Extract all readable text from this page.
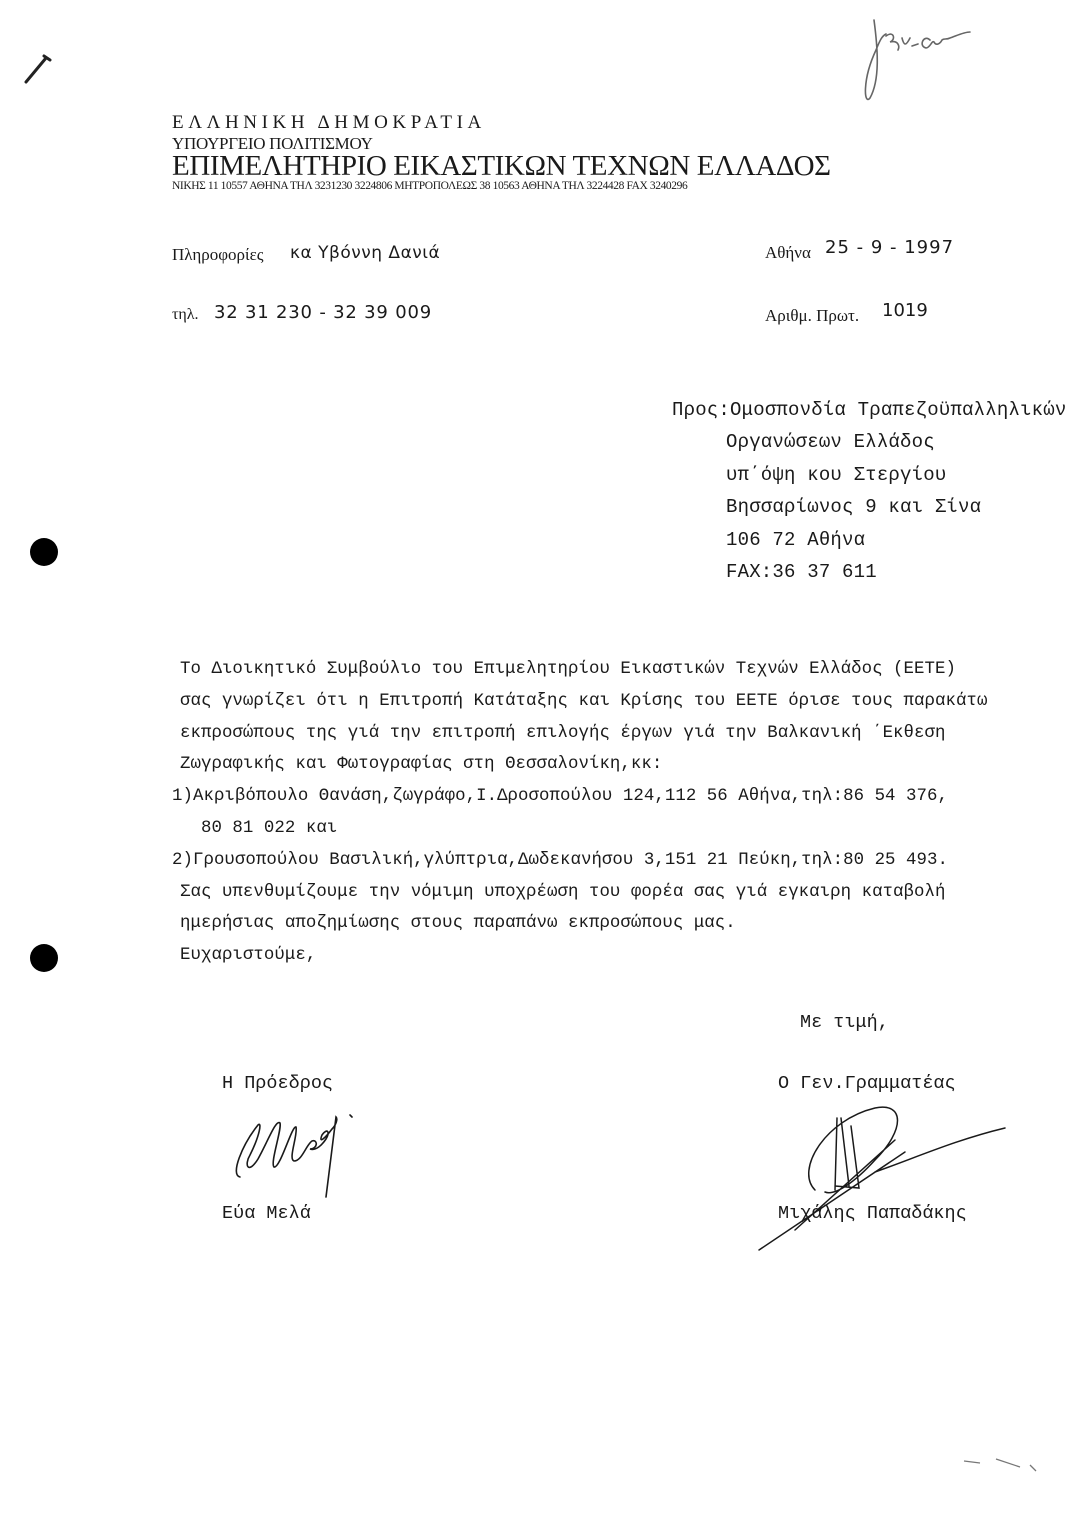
ΕΛΛΗΝΙΚΗ ΔΗΜΟΚΡΑΤΙΑ
ΥΠΟΥΡΓΕΙΟ ΠΟΛΙΤΙΣΜΟΥ
ΕΠΙΜΕΛΗΤΗΡΙΟ ΕΙΚΑΣΤΙΚΩΝ ΤΕΧΝΩΝ ΕΛΛΑΔΟΣ
ΝΙΚΗΣ 11 10557 ΑΘΗΝΑ ΤΗΛ 3231230 3224806 ΜΗΤΡΟΠΟΛΕΩΣ 38 10563 ΑΘΗΝΑ ΤΗΛ 3224428 FAX 3240296
Πληροφορίες κα Υβόννη Δανιά
τηλ. 32 31 230 - 32 39 009
Αθήνα 25 - 9 - 1997
Αριθμ. Πρωτ. 1019
Προς:Ομοσπονδία Τραπεζοϋπαλληλικών
Οργανώσεων Ελλάδος
υπ΄όψη κου Στεργίου
Βησσαρίωνος 9 και Σίνα
106 72 Αθήνα
FAX:36 37 611
Το Διοικητικό Συμβούλιο του Επιμελητηρίου Εικαστικών Τεχνών Ελλάδος (ΕΕΤΕ)
σας γνωρίζει ότι η Επιτροπή Κατάταξης και Κρίσης του ΕΕΤΕ όρισε τους παρακάτω
εκπροσώπους της γιά την επιτροπή επιλογής έργων γιά την Βαλκανική ΄Εκθεση
Ζωγραφικής και Φωτογραφίας στη Θεσσαλονίκη,κκ:
1)Ακριβόπουλο Θανάση,ζωγράφο,Ι.Δροσοπούλου 124,112 56 Αθήνα,τηλ:86 54 376,
80 81 022 και
2)Γρουσοπούλου Βασιλική,γλύπτρια,Δωδεκανήσου 3,151 21 Πεύκη,τηλ:80 25 493.
Σας υπενθυμίζουμε την νόμιμη υποχρέωση του φορέα σας γιά εγκαιρη καταβολή
ημερήσιας αποζημίωσης στους παραπάνω εκπροσώπους μας.
Ευχαριστούμε,
Με τιμή,
Η Πρόεδρος
Εύα Μελά
Ο Γεν.Γραμματέας
Μιχάλης Παπαδάκης
